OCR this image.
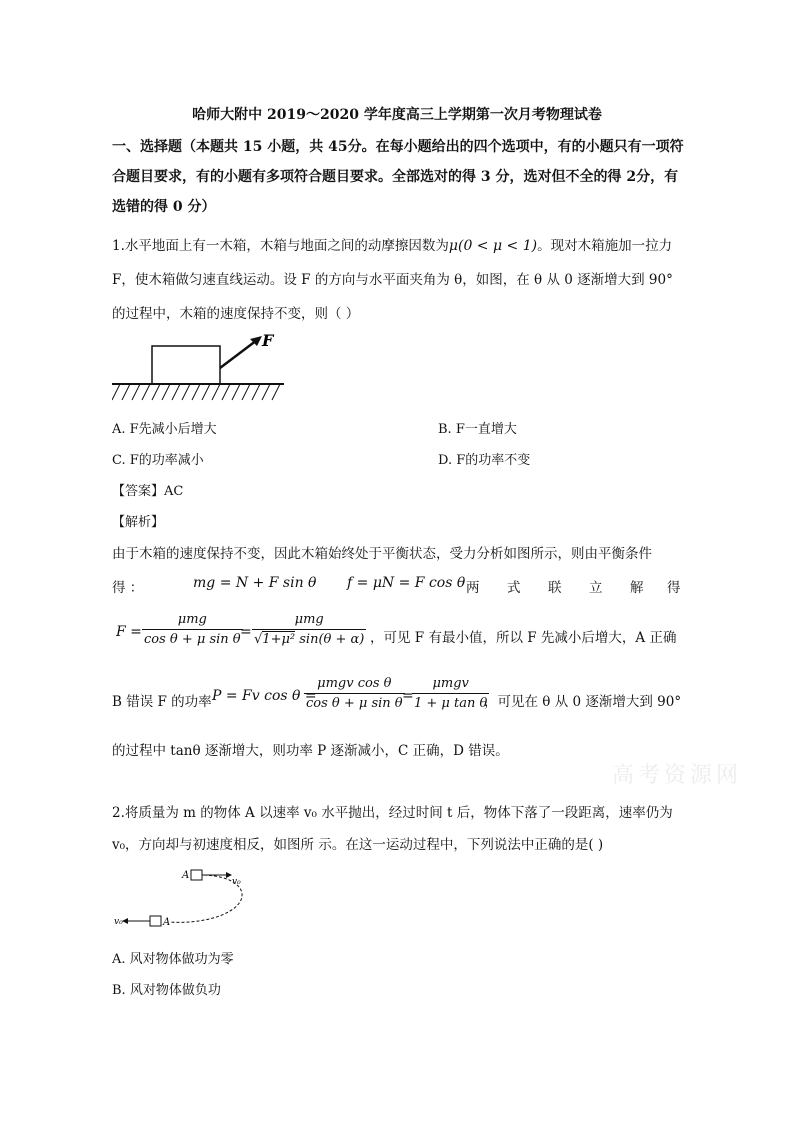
哈师大附中 2019～2020 学年度高三上学期第一次月考物理试卷
一、选择题（本题共 15 小题，共 45分。在每小题给出的四个选项中，有的小题只有一项符
合题目要求，有的小题有多项符合题目要求。全部选对的得 3 分，选对但不全的得 2分，有
选错的得 0 分）
1.水平地面上有一木箱，木箱与地面之间的动摩擦因数为μ(0 < μ < 1)。现对木箱施加一拉力
F，使木箱做匀速直线运动。设 F 的方向与水平面夹角为 θ，如图，在 θ 从 0 逐渐增大到 90°
的过程中，木箱的速度保持不变，则（ ）
F
A. F先减小后增大	B. F一直增大
C. F的功率减小	D. F的功率不变
【答案】AC
【解析】
由于木箱的速度保持不变，因此木箱始终处于平衡状态，受力分析如图所示，则由平衡条件
得 ：	mg = N + F sin θ f = μN = F cos θ 两 式 联 立 解 得
F =
μmg
cos θ + μ sin θ =
μmg
√1+μ² sin(θ + α) ，可见 F 有最小值，所以 F 先减小后增大，A 正确
B 错误 F 的功率 P = Fv cos θ =
μmgv cos θ
cos θ + μ sin θ =
μmgv
1 + μ tan θ
，可见在 θ 从 0 逐渐增大到 90°
的过程中 tanθ 逐渐增大，则功率 P 逐渐减小，C 正确，D 错误。
高考资源网
2.将质量为 m 的物体 A 以速率 v₀ 水平抛出，经过时间 t 后，物体下落了一段距离，速率仍为
v₀，方向却与初速度相反，如图所 示。在这一运动过程中，下列说法中正确的是( )
A
v₀
A
v₀
A. 风对物体做功为零
B. 风对物体做负功
